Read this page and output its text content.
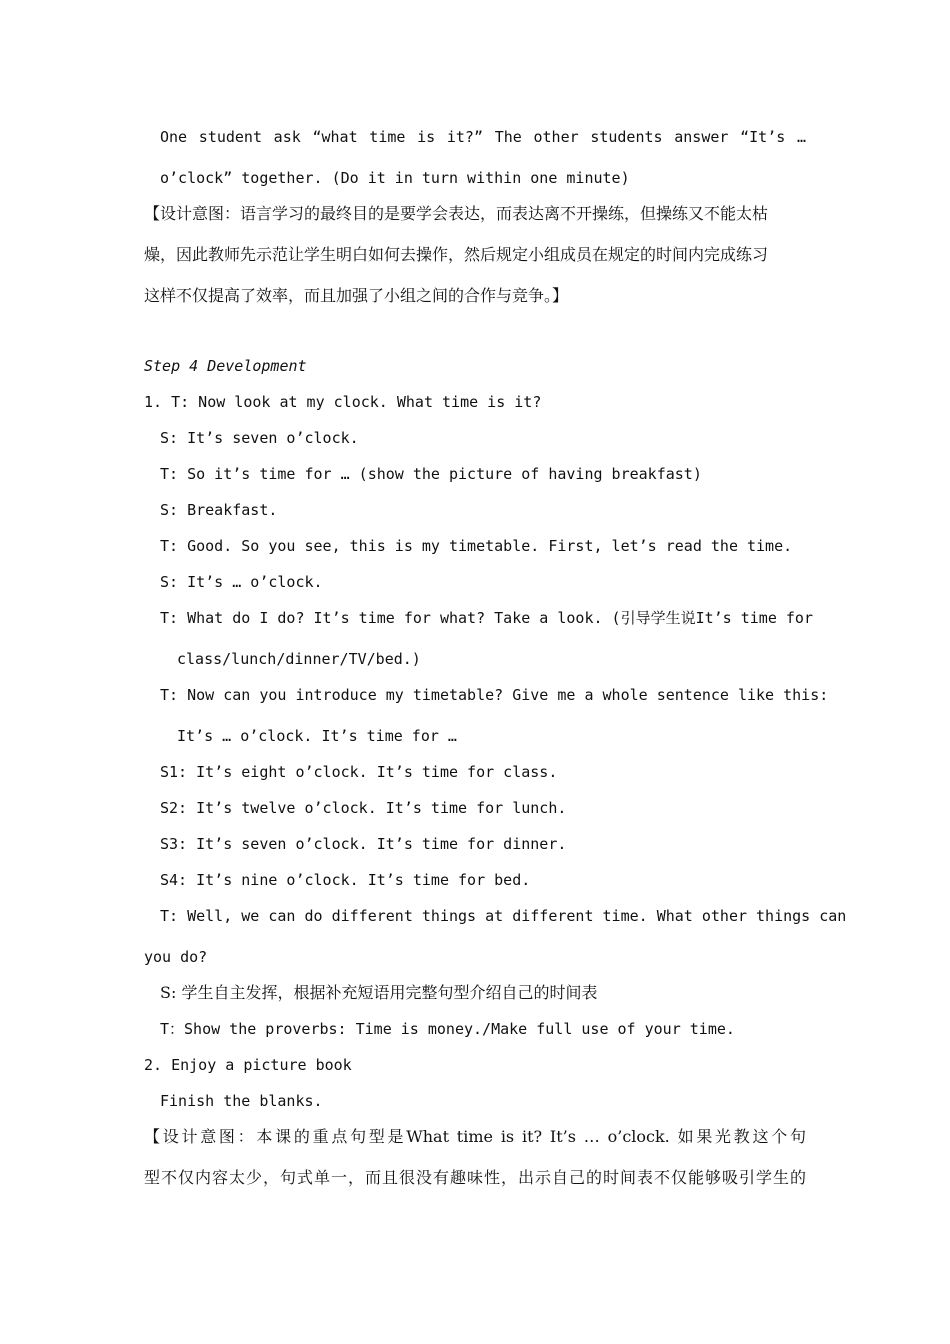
One student ask “what time is it?” The other students answer “It’s …
o’clock” together. (Do it in turn within one minute)
【设计意图：语言学习的最终目的是要学会表达，而表达离不开操练，但操练又不能太枯
燥，因此教师先示范让学生明白如何去操作，然后规定小组成员在规定的时间内完成练习
这样不仅提高了效率，而且加强了小组之间的合作与竞争。】
Step 4 Development
1. T: Now look at my clock. What time is it?
S: It’s seven o’clock.
T: So it’s time for … (show the picture of having breakfast)
S: Breakfast.
T: Good. So you see, this is my timetable. First, let’s read the time.
S: It’s … o’clock.
T: What do I do? It’s time for what? Take a look. (引导学生说It’s time for
class/lunch/dinner/TV/bed.)
T: Now can you introduce my timetable? Give me a whole sentence like this:
It’s … o’clock. It’s time for …
S1: It’s eight o’clock. It’s time for class.
S2: It’s twelve o’clock. It’s time for lunch.
S3: It’s seven o’clock. It’s time for dinner.
S4: It’s nine o’clock. It’s time for bed.
T: Well, we can do different things at different time. What other things can
you do?
S: 学生自主发挥，根据补充短语用完整句型介绍自己的时间表
T：Show the proverbs: Time is money./Make full use of your time.
2. Enjoy a picture book
Finish the blanks.
【设计意图：本课的重点句型是What time is it? It’s … o’clock. 如果光教这个句
型不仅内容太少，句式单一，而且很没有趣味性，出示自己的时间表不仅能够吸引学生的
